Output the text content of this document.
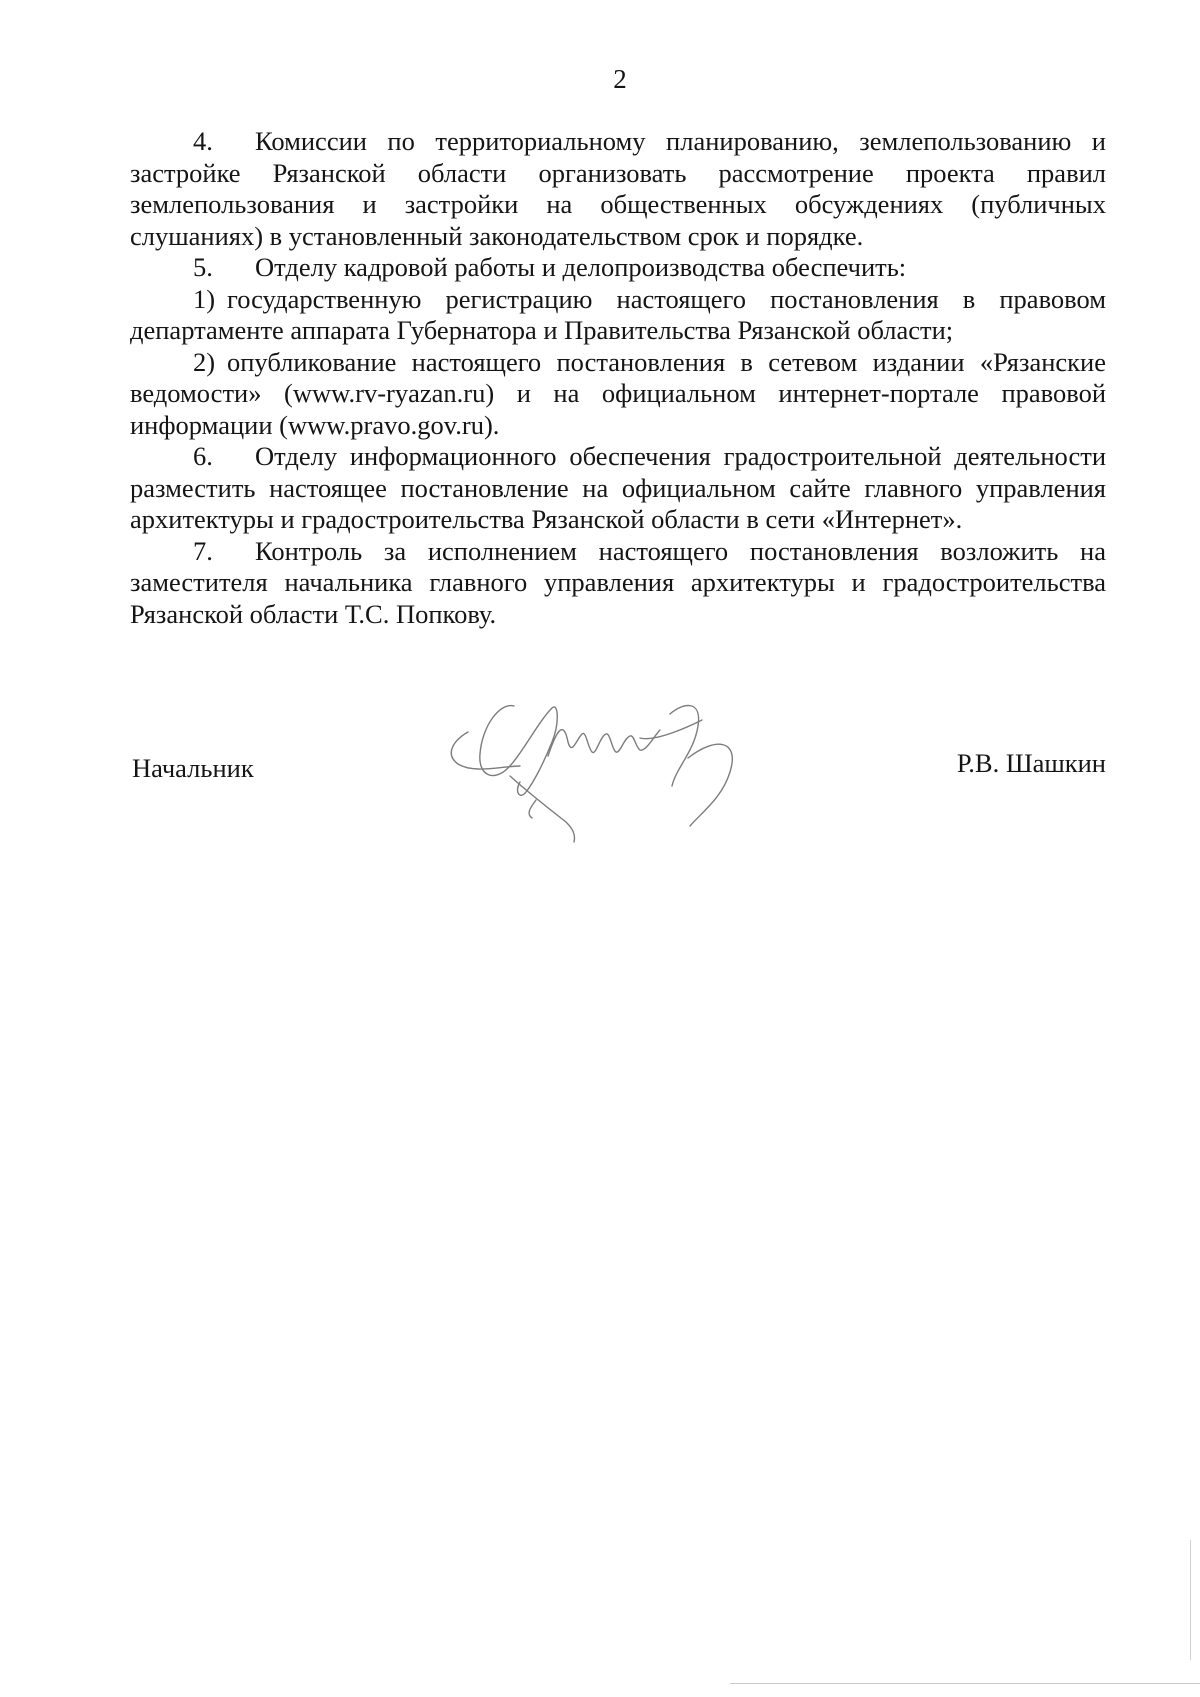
2

4. Комиссии по территориальному планированию, землепользованию и застройке Рязанской области организовать рассмотрение проекта правил землепользования и застройки на общественных обсуждениях (публичных слушаниях) в установленный законодательством срок и порядке.

5. Отделу кадровой работы и делопроизводства обеспечить:

1) государственную регистрацию настоящего постановления в правовом департаменте аппарата Губернатора и Правительства Рязанской области;

2) опубликование настоящего постановления в сетевом издании «Рязанские ведомости» (www.rv-ryazan.ru) и на официальном интернет-портале правовой информации (www.pravo.gov.ru).

6. Отделу информационного обеспечения градостроительной деятельности разместить настоящее постановление на официальном сайте главного управления архитектуры и градостроительства Рязанской области в сети «Интернет».

7. Контроль за исполнением настоящего постановления возложить на заместителя начальника главного управления архитектуры и градостроительства Рязанской области Т.С. Попкову.

Начальник	Р.В. Шашкин
